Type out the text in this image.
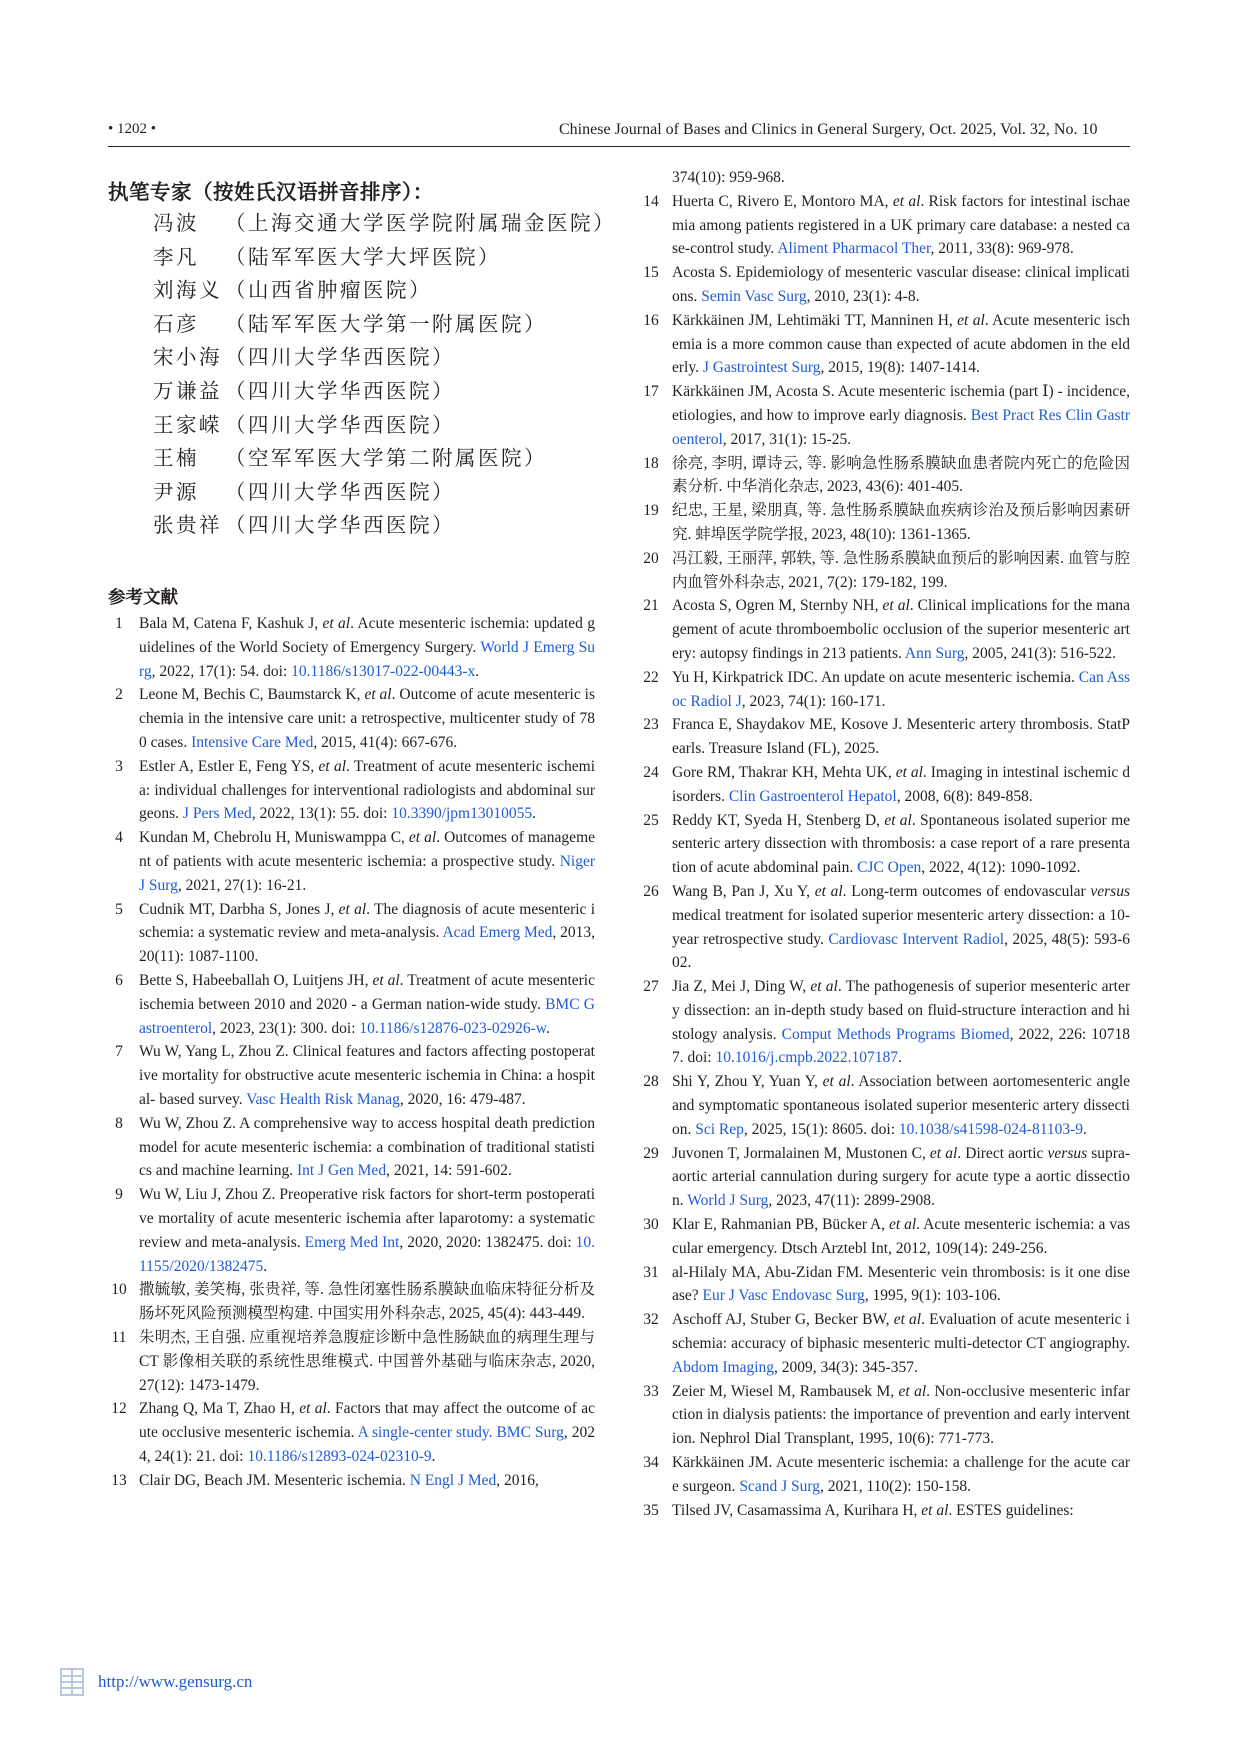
• 1202 •	Chinese Journal of Bases and Clinics in General Surgery, Oct. 2025, Vol. 32, No. 10
执笔专家（按姓氏汉语拼音排序）：
冯波 （上海交通大学医学院附属瑞金医院）
李凡 （陆军军医大学大坪医院）
刘海义 （山西省肿瘤医院）
石彦 （陆军军医大学第一附属医院）
宋小海 （四川大学华西医院）
万谦益 （四川大学华西医院）
王家嵘 （四川大学华西医院）
王楠 （空军军医大学第二附属医院）
尹源 （四川大学华西医院）
张贵祥 （四川大学华西医院）
参考文献
1	Bala M, Catena F, Kashuk J, et al. Acute mesenteric ischemia: updated guidelines of the World Society of Emergency Surgery. World J Emerg Surg, 2022, 17(1): 54. doi: 10.1186/s13017-022-00443-x.
2	Leone M, Bechis C, Baumstarck K, et al. Outcome of acute mesenteric ischemia in the intensive care unit: a retrospective, multicenter study of 780 cases. Intensive Care Med, 2015, 41(4): 667-676.
3	Estler A, Estler E, Feng YS, et al. Treatment of acute mesenteric ischemia: individual challenges for interventional radiologists and abdominal surgeons. J Pers Med, 2022, 13(1): 55. doi: 10.3390/jpm13010055.
4	Kundan M, Chebrolu H, Muniswamppa C, et al. Outcomes of management of patients with acute mesenteric ischemia: a prospective study. Niger J Surg, 2021, 27(1): 16-21.
5	Cudnik MT, Darbha S, Jones J, et al. The diagnosis of acute mesenteric ischemia: a systematic review and meta-analysis. Acad Emerg Med, 2013, 20(11): 1087-1100.
6	Bette S, Habeeballah O, Luitjens JH, et al. Treatment of acute mesenteric ischemia between 2010 and 2020 - a German nation-wide study. BMC Gastroenterol, 2023, 23(1): 300. doi: 10.1186/s12876-023-02926-w.
7	Wu W, Yang L, Zhou Z. Clinical features and factors affecting postoperative mortality for obstructive acute mesenteric ischemia in China: a hospital- based survey. Vasc Health Risk Manag, 2020, 16: 479-487.
8	Wu W, Zhou Z. A comprehensive way to access hospital death prediction model for acute mesenteric ischemia: a combination of traditional statistics and machine learning. Int J Gen Med, 2021, 14: 591-602.
9	Wu W, Liu J, Zhou Z. Preoperative risk factors for short-term postoperative mortality of acute mesenteric ischemia after laparotomy: a systematic review and meta-analysis. Emerg Med Int, 2020, 2020: 1382475. doi: 10.1155/2020/1382475.
10 撒毓敏, 姜笑梅, 张贵祥, 等. 急性闭塞性肠系膜缺血临床特征分析及肠坏死风险预测模型构建. 中国实用外科杂志, 2025, 45(4): 443-449.
11 朱明杰, 王自强. 应重视培养急腹症诊断中急性肠缺血的病理生理与 CT 影像相关联的系统性思维模式. 中国普外基础与临床杂志, 2020, 27(12): 1473-1479.
12 Zhang Q, Ma T, Zhao H, et al. Factors that may affect the outcome of acute occlusive mesenteric ischemia. A single-center study. BMC Surg, 2024, 24(1): 21. doi: 10.1186/s12893-024-02310-9.
13 Clair DG, Beach JM. Mesenteric ischemia. N Engl J Med, 2016,
374(10): 959-968.
14 Huerta C, Rivero E, Montoro MA, et al. Risk factors for intestinal ischaemia among patients registered in a UK primary care database: a nested case-control study. Aliment Pharmacol Ther, 2011, 33(8): 969-978.
15 Acosta S. Epidemiology of mesenteric vascular disease: clinical implications. Semin Vasc Surg, 2010, 23(1): 4-8.
16 Kärkkäinen JM, Lehtimäki TT, Manninen H, et al. Acute mesenteric ischemia is a more common cause than expected of acute abdomen in the elderly. J Gastrointest Surg, 2015, 19(8): 1407-1414.
17 Kärkkäinen JM, Acosta S. Acute mesenteric ischemia (part Ⅰ) - incidence, etiologies, and how to improve early diagnosis. Best Pract Res Clin Gastroenterol, 2017, 31(1): 15-25.
18 徐亮, 李明, 谭诗云, 等. 影响急性肠系膜缺血患者院内死亡的危险因素分析. 中华消化杂志, 2023, 43(6): 401-405.
19 纪忠, 王星, 梁朋真, 等. 急性肠系膜缺血疾病诊治及预后影响因素研究. 蚌埠医学院学报, 2023, 48(10): 1361-1365.
20 冯江毅, 王丽萍, 郭轶, 等. 急性肠系膜缺血预后的影响因素. 血管与腔内血管外科杂志, 2021, 7(2): 179-182, 199.
21 Acosta S, Ogren M, Sternby NH, et al. Clinical implications for the management of acute thromboembolic occlusion of the superior mesenteric artery: autopsy findings in 213 patients. Ann Surg, 2005, 241(3): 516-522.
22 Yu H, Kirkpatrick IDC. An update on acute mesenteric ischemia. Can Assoc Radiol J, 2023, 74(1): 160-171.
23 Franca E, Shaydakov ME, Kosove J. Mesenteric artery thrombosis. StatPearls. Treasure Island (FL), 2025.
24 Gore RM, Thakrar KH, Mehta UK, et al. Imaging in intestinal ischemic disorders. Clin Gastroenterol Hepatol, 2008, 6(8): 849-858.
25 Reddy KT, Syeda H, Stenberg D, et al. Spontaneous isolated superior mesenteric artery dissection with thrombosis: a case report of a rare presentation of acute abdominal pain. CJC Open, 2022, 4(12): 1090-1092.
26 Wang B, Pan J, Xu Y, et al. Long-term outcomes of endovascular versus medical treatment for isolated superior mesenteric artery dissection: a 10-year retrospective study. Cardiovasc Intervent Radiol, 2025, 48(5): 593-602.
27 Jia Z, Mei J, Ding W, et al. The pathogenesis of superior mesenteric artery dissection: an in-depth study based on fluid-structure interaction and histology analysis. Comput Methods Programs Biomed, 2022, 226: 107187. doi: 10.1016/j.cmpb.2022.107187.
28 Shi Y, Zhou Y, Yuan Y, et al. Association between aortomesenteric angle and symptomatic spontaneous isolated superior mesenteric artery dissection. Sci Rep, 2025, 15(1): 8605. doi: 10.1038/s41598-024-81103-9.
29 Juvonen T, Jormalainen M, Mustonen C, et al. Direct aortic versus supra-aortic arterial cannulation during surgery for acute type a aortic dissection. World J Surg, 2023, 47(11): 2899-2908.
30 Klar E, Rahmanian PB, Bücker A, et al. Acute mesenteric ischemia: a vascular emergency. Dtsch Arztebl Int, 2012, 109(14): 249-256.
31 al-Hilaly MA, Abu-Zidan FM. Mesenteric vein thrombosis: is it one disease? Eur J Vasc Endovasc Surg, 1995, 9(1): 103-106.
32 Aschoff AJ, Stuber G, Becker BW, et al. Evaluation of acute mesenteric ischemia: accuracy of biphasic mesenteric multi-detector CT angiography. Abdom Imaging, 2009, 34(3): 345-357.
33 Zeier M, Wiesel M, Rambausek M, et al. Non-occlusive mesenteric infarction in dialysis patients: the importance of prevention and early intervention. Nephrol Dial Transplant, 1995, 10(6): 771-773.
34 Kärkkäinen JM. Acute mesenteric ischemia: a challenge for the acute care surgeon. Scand J Surg, 2021, 110(2): 150-158.
35 Tilsed JV, Casamassima A, Kurihara H, et al. ESTES guidelines:
http://www.gensurg.cn
